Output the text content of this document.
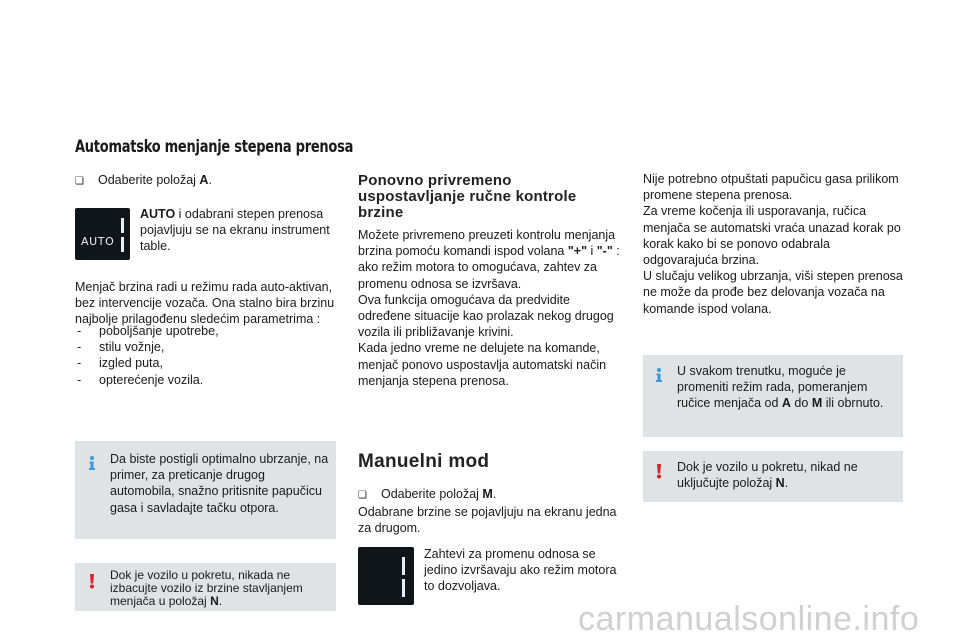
Automatsko menjanje stepena prenosa
❏ Odaberite položaj A.
AUTO
AUTO i odabrani stepen prenosa pojavljuju se na ekranu instrument table.
Menjač brzina radi u režimu rada auto-aktivan, bez intervencije vozača. Ona stalno bira brzinu najbolje prilagođenu sledećim parametrima :
- poboljšanje upotrebe,
- stilu vožnje,
- izgled puta,
- opterećenje vozila.
Da biste postigli optimalno ubrzanje, na primer, za preticanje drugog automobila, snažno pritisnite papučicu gasa i savladajte tačku otpora.
Dok je vozilo u pokretu, nikada ne izbacujte vozilo iz brzine stavljanjem menjača u položaj N.
Ponovno privremeno uspostavljanje ručne kontrole brzine
Možete privremeno preuzeti kontrolu menjanja brzina pomoću komandi ispod volana "+" i "-" : ako režim motora to omogućava, zahtev za promenu odnosa se izvršava.
Ova funkcija omogućava da predvidite određene situacije kao prolazak nekog drugog vozila ili približavanje krivini.
Kada jedno vreme ne delujete na komande, menjač ponovo uspostavlja automatski način menjanja stepena prenosa.
Manuelni mod
❏ Odaberite položaj M.
Odabrane brzine se pojavljuju na ekranu jedna za drugom.
Zahtevi za promenu odnosa se jedino izvršavaju ako režim motora to dozvoljava.
Nije potrebno otpuštati papučicu gasa prilikom promene stepena prenosa.
Za vreme kočenja ili usporavanja, ručica menjača se automatski vraća unazad korak po korak kako bi se ponovo odabrala odgovarajuća brzina.
U slučaju velikog ubrzanja, viši stepen prenosa ne može da prođe bez delovanja vozača na komande ispod volana.
U svakom trenutku, moguće je promeniti režim rada, pomeranjem ručice menjača od A do M ili obrnuto.
Dok je vozilo u pokretu, nikad ne uključujte položaj N.
carmanualsonline.info
